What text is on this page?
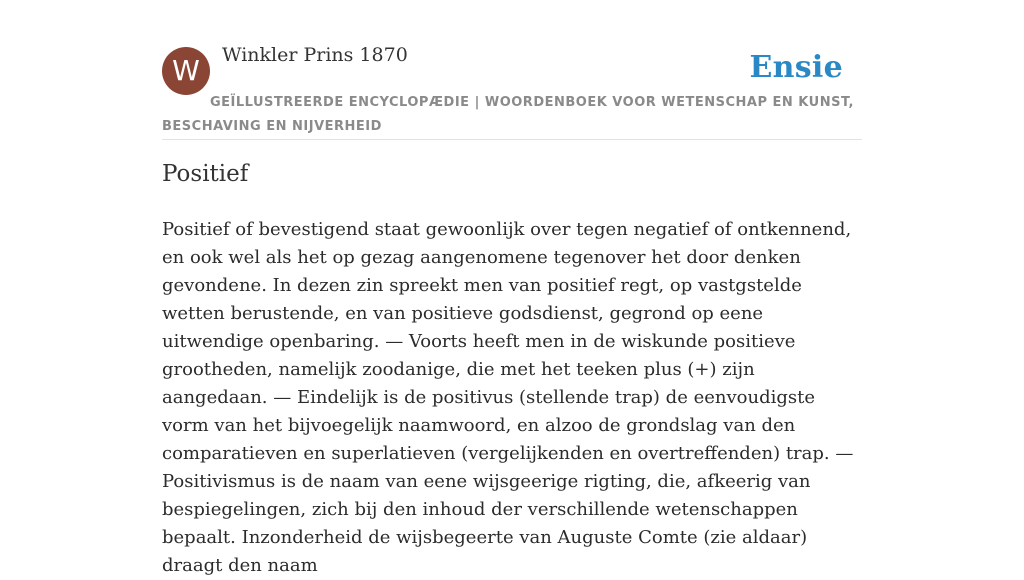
W	Winkler Prins 1870	Ensie
GEÏLLUSTREERDE ENCYCLOPÆDIE | WOORDENBOEK VOOR WETENSCHAP EN KUNST, BESCHAVING EN NIJVERHEID
Positief

Positief of bevestigend staat gewoonlijk over tegen negatief of ontkennend, en ook wel als het op gezag aangenomene tegenover het door denken gevondene. In dezen zin spreekt men van positief regt, op vastgstelde wetten berustende, en van positieve godsdienst, gegrond op eene uitwendige openbaring. — Voorts heeft men in de wiskunde positieve grootheden, namelijk zoodanige, die met het teeken plus (+) zijn aangedaan. — Eindelijk is de positivus (stellende trap) de eenvoudigste vorm van het bijvoegelijk naamwoord, en alzoo de grondslag van den comparatieven en superlatieven (vergelijkenden en overtreffenden) trap. — Positivismus is de naam van eene wijsgeerige rigting, die, afkeerig van bespiegelingen, zich bij den inhoud der verschillende wetenschappen bepaalt. Inzonderheid de wijsbegeerte van Auguste Comte (zie aldaar) draagt den naam
